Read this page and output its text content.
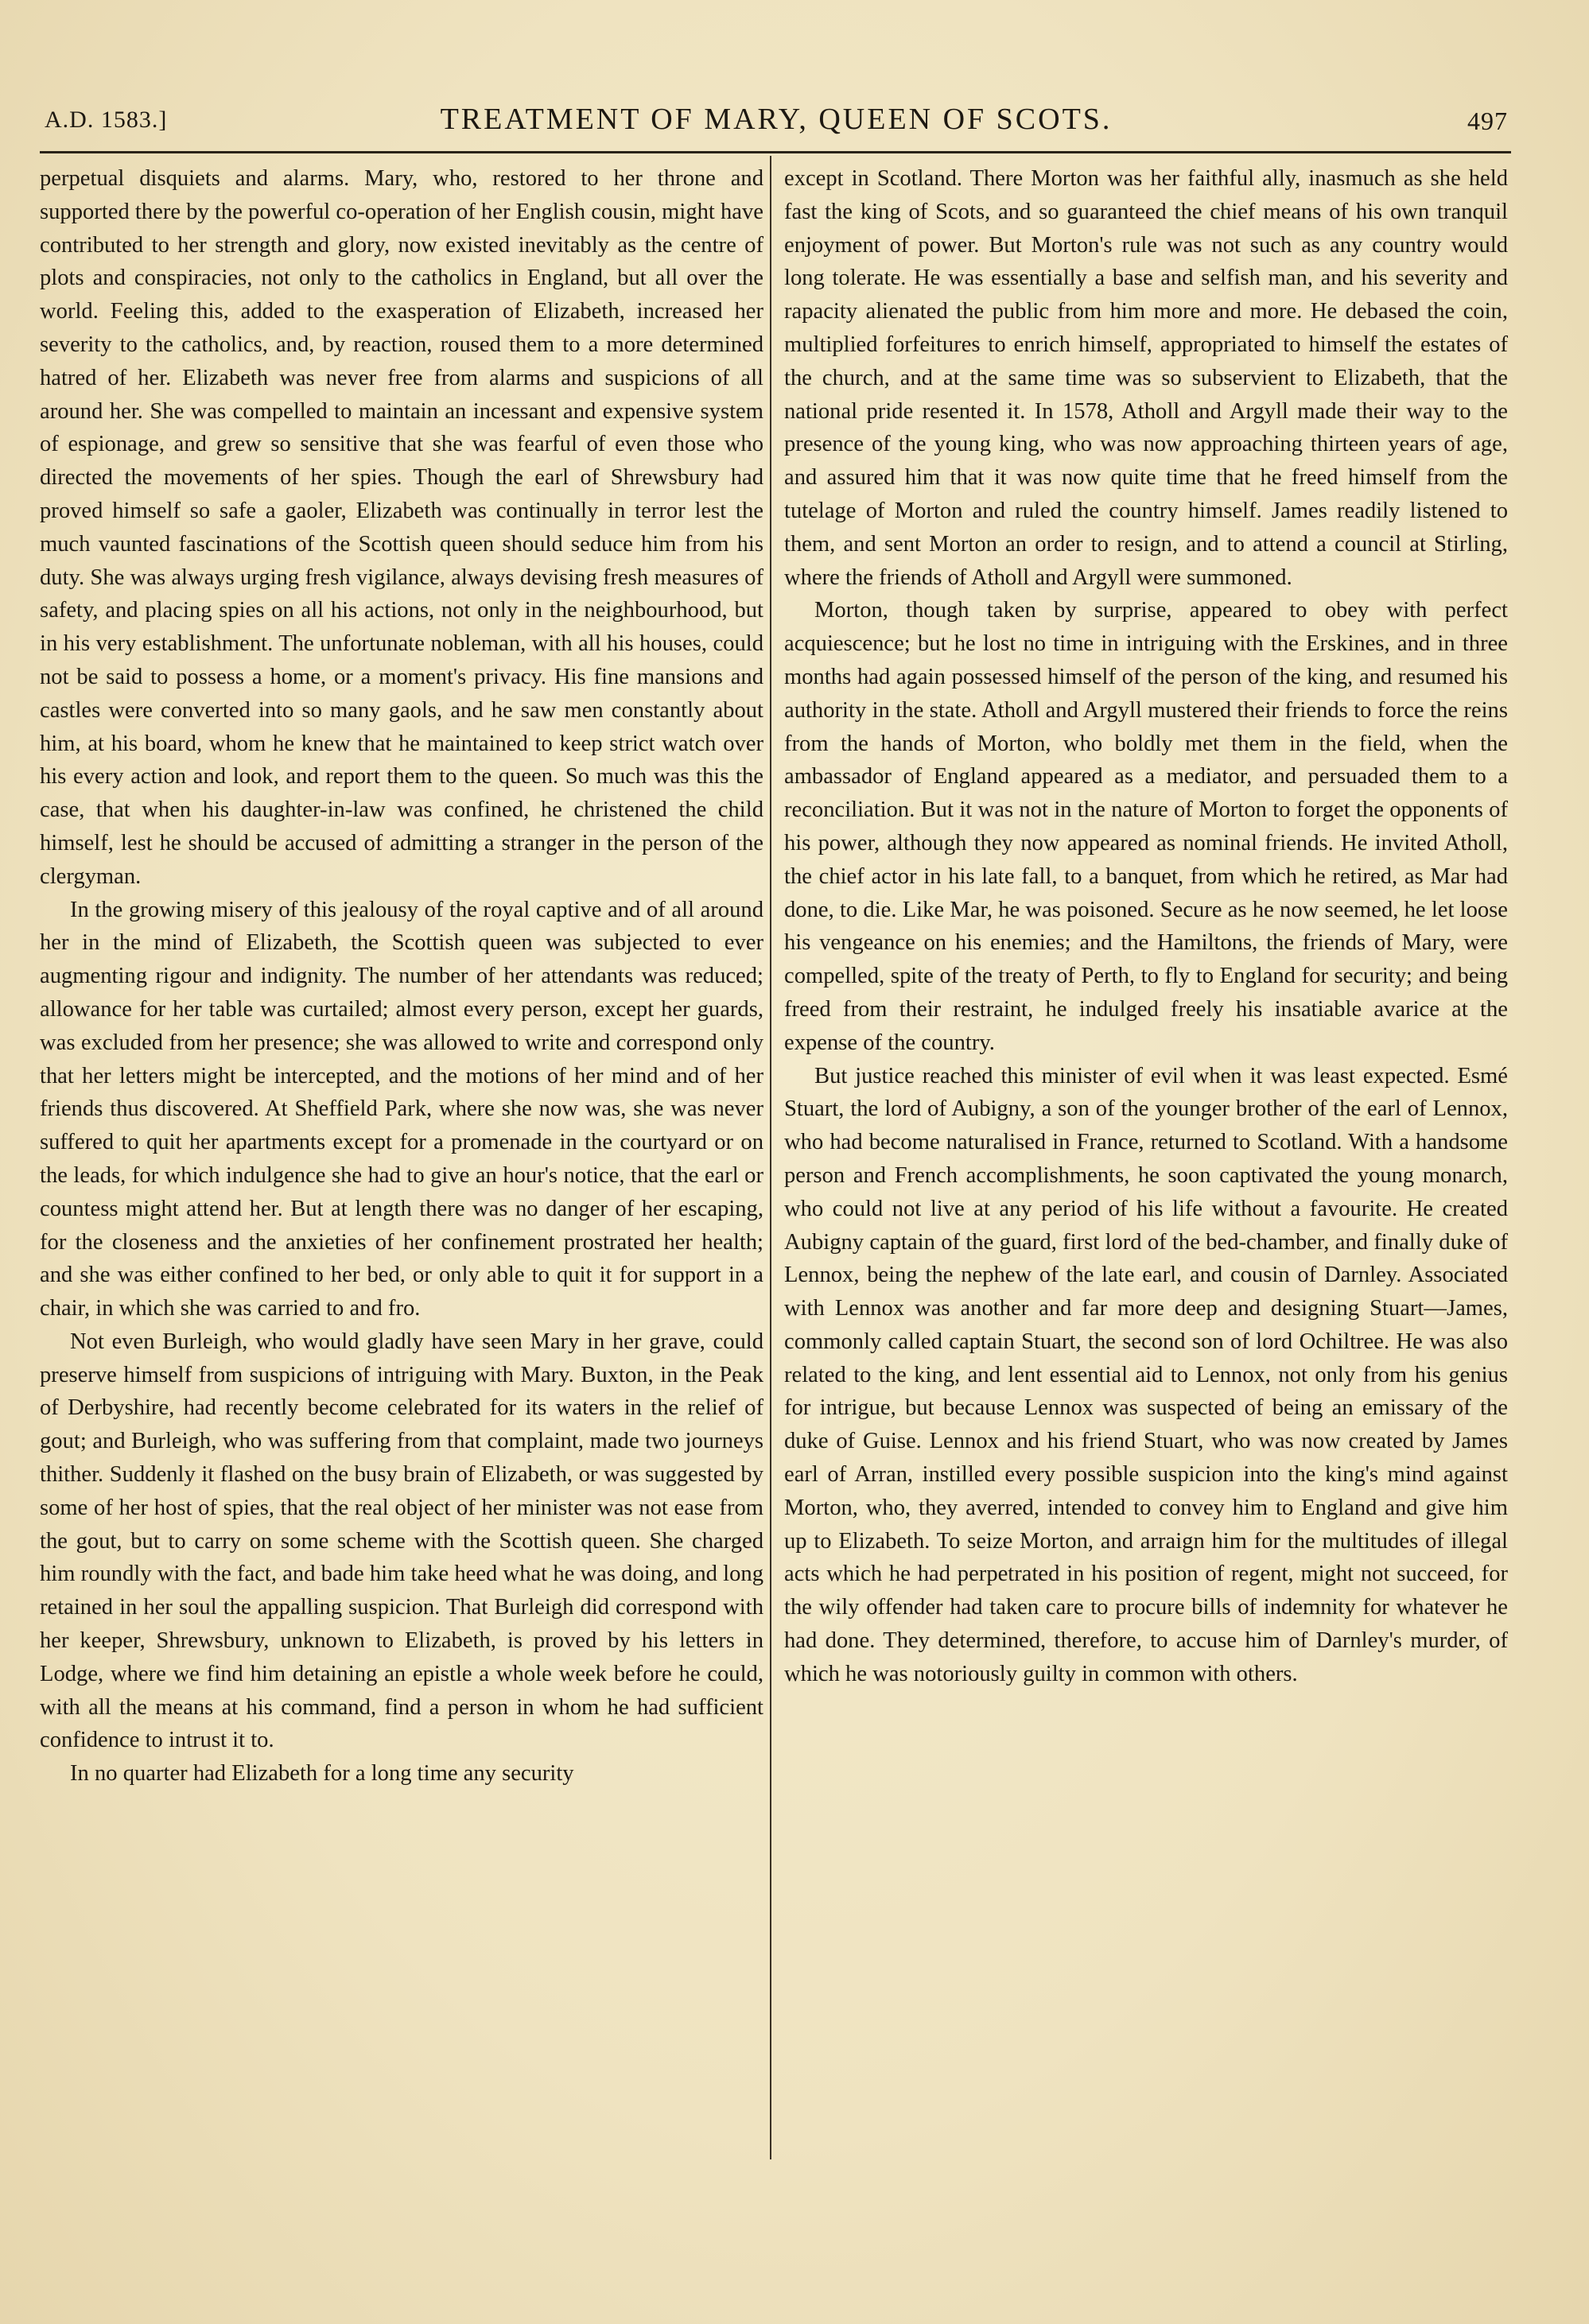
A.D. 1583.]	TREATMENT OF MARY, QUEEN OF SCOTS.	497

perpetual disquiets and alarms. Mary, who, restored to her throne and supported there by the powerful co-operation of her English cousin, might have contributed to her strength and glory, now existed inevitably as the centre of plots and conspiracies, not only to the catholics in England, but all over the world. Feeling this, added to the exasperation of Elizabeth, increased her severity to the catholics, and, by reaction, roused them to a more determined hatred of her. Elizabeth was never free from alarms and suspicions of all around her. She was compelled to maintain an incessant and expensive system of espionage, and grew so sensitive that she was fearful of even those who directed the movements of her spies. Though the earl of Shrewsbury had proved himself so safe a gaoler, Elizabeth was continually in terror lest the much vaunted fascinations of the Scottish queen should seduce him from his duty. She was always urging fresh vigilance, always devising fresh measures of safety, and placing spies on all his actions, not only in the neighbourhood, but in his very establishment. The unfortunate nobleman, with all his houses, could not be said to possess a home, or a moment's privacy. His fine mansions and castles were converted into so many gaols, and he saw men constantly about him, at his board, whom he knew that he maintained to keep strict watch over his every action and look, and report them to the queen. So much was this the case, that when his daughter-in-law was confined, he christened the child himself, lest he should be accused of admitting a stranger in the person of the clergyman.

In the growing misery of this jealousy of the royal captive and of all around her in the mind of Elizabeth, the Scottish queen was subjected to ever augmenting rigour and indignity. The number of her attendants was reduced; allowance for her table was curtailed; almost every person, except her guards, was excluded from her presence; she was allowed to write and correspond only that her letters might be intercepted, and the motions of her mind and of her friends thus discovered. At Sheffield Park, where she now was, she was never suffered to quit her apartments except for a promenade in the courtyard or on the leads, for which indulgence she had to give an hour's notice, that the earl or countess might attend her. But at length there was no danger of her escaping, for the closeness and the anxieties of her confinement prostrated her health; and she was either confined to her bed, or only able to quit it for support in a chair, in which she was carried to and fro.

Not even Burleigh, who would gladly have seen Mary in her grave, could preserve himself from suspicions of intriguing with Mary. Buxton, in the Peak of Derbyshire, had recently become celebrated for its waters in the relief of gout; and Burleigh, who was suffering from that complaint, made two journeys thither. Suddenly it flashed on the busy brain of Elizabeth, or was suggested by some of her host of spies, that the real object of her minister was not ease from the gout, but to carry on some scheme with the Scottish queen. She charged him roundly with the fact, and bade him take heed what he was doing, and long retained in her soul the appalling suspicion. That Burleigh did correspond with her keeper, Shrewsbury, unknown to Elizabeth, is proved by his letters in Lodge, where we find him detaining an epistle a whole week before he could, with all the means at his command, find a person in whom he had sufficient confidence to intrust it to.

In no quarter had Elizabeth for a long time any security

except in Scotland. There Morton was her faithful ally, inasmuch as she held fast the king of Scots, and so guaranteed the chief means of his own tranquil enjoyment of power. But Morton's rule was not such as any country would long tolerate. He was essentially a base and selfish man, and his severity and rapacity alienated the public from him more and more. He debased the coin, multiplied forfeitures to enrich himself, appropriated to himself the estates of the church, and at the same time was so subservient to Elizabeth, that the national pride resented it. In 1578, Atholl and Argyll made their way to the presence of the young king, who was now approaching thirteen years of age, and assured him that it was now quite time that he freed himself from the tutelage of Morton and ruled the country himself. James readily listened to them, and sent Morton an order to resign, and to attend a council at Stirling, where the friends of Atholl and Argyll were summoned.

Morton, though taken by surprise, appeared to obey with perfect acquiescence; but he lost no time in intriguing with the Erskines, and in three months had again possessed himself of the person of the king, and resumed his authority in the state. Atholl and Argyll mustered their friends to force the reins from the hands of Morton, who boldly met them in the field, when the ambassador of England appeared as a mediator, and persuaded them to a reconciliation. But it was not in the nature of Morton to forget the opponents of his power, although they now appeared as nominal friends. He invited Atholl, the chief actor in his late fall, to a banquet, from which he retired, as Mar had done, to die. Like Mar, he was poisoned. Secure as he now seemed, he let loose his vengeance on his enemies; and the Hamiltons, the friends of Mary, were compelled, spite of the treaty of Perth, to fly to England for security; and being freed from their restraint, he indulged freely his insatiable avarice at the expense of the country.

But justice reached this minister of evil when it was least expected. Esmé Stuart, the lord of Aubigny, a son of the younger brother of the earl of Lennox, who had become naturalised in France, returned to Scotland. With a handsome person and French accomplishments, he soon captivated the young monarch, who could not live at any period of his life without a favourite. He created Aubigny captain of the guard, first lord of the bed-chamber, and finally duke of Lennox, being the nephew of the late earl, and cousin of Darnley. Associated with Lennox was another and far more deep and designing Stuart—James, commonly called captain Stuart, the second son of lord Ochiltree. He was also related to the king, and lent essential aid to Lennox, not only from his genius for intrigue, but because Lennox was suspected of being an emissary of the duke of Guise. Lennox and his friend Stuart, who was now created by James earl of Arran, instilled every possible suspicion into the king's mind against Morton, who, they averred, intended to convey him to England and give him up to Elizabeth. To seize Morton, and arraign him for the multitudes of illegal acts which he had perpetrated in his position of regent, might not succeed, for the wily offender had taken care to procure bills of indemnity for whatever he had done. They determined, therefore, to accuse him of Darnley's murder, of which he was notoriously guilty in common with others.
